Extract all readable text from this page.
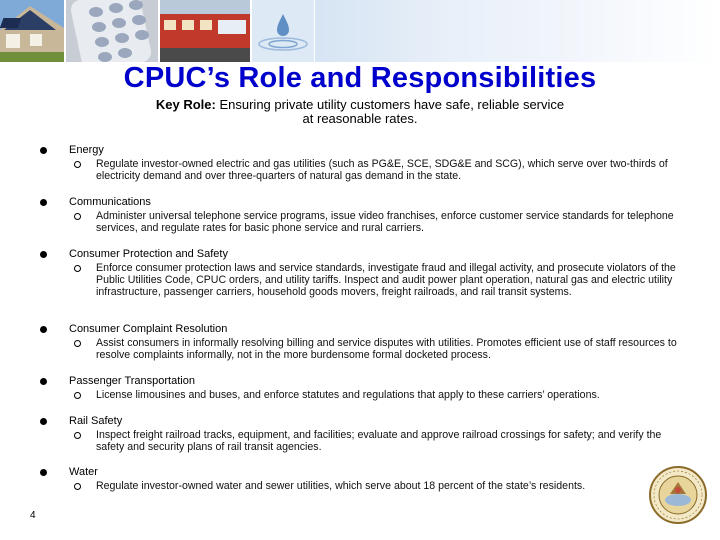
CPUC’s Role and Responsibilities
Key Role: Ensuring private utility customers have safe, reliable service at reasonable rates.
Energy
Regulate investor-owned electric and gas utilities (such as PG&E, SCE, SDG&E and SCG), which serve over two-thirds of electricity demand and over three-quarters of natural gas demand in the state.
Communications
Administer universal telephone service programs, issue video franchises, enforce customer service standards for telephone services, and regulate rates for basic phone service and rural carriers.
Consumer Protection and Safety
Enforce consumer protection laws and service standards, investigate fraud and illegal activity, and prosecute violators of the Public Utilities Code, CPUC orders, and utility tariffs. Inspect and audit power plant operation, natural gas and electric utility infrastructure, passenger carriers, household goods movers, freight railroads, and rail transit systems.
Consumer Complaint Resolution
Assist consumers in informally resolving billing and service disputes with utilities. Promotes efficient use of staff resources to resolve complaints informally, not in the more burdensome formal docketed process.
Passenger Transportation
License limousines and buses, and enforce statutes and regulations that apply to these carriers’ operations.
Rail Safety
Inspect freight railroad tracks, equipment, and facilities; evaluate and approve railroad crossings for safety; and verify the safety and security plans of rail transit agencies.
Water
Regulate investor-owned water and sewer utilities, which serve about 18 percent of the state’s residents.
4
